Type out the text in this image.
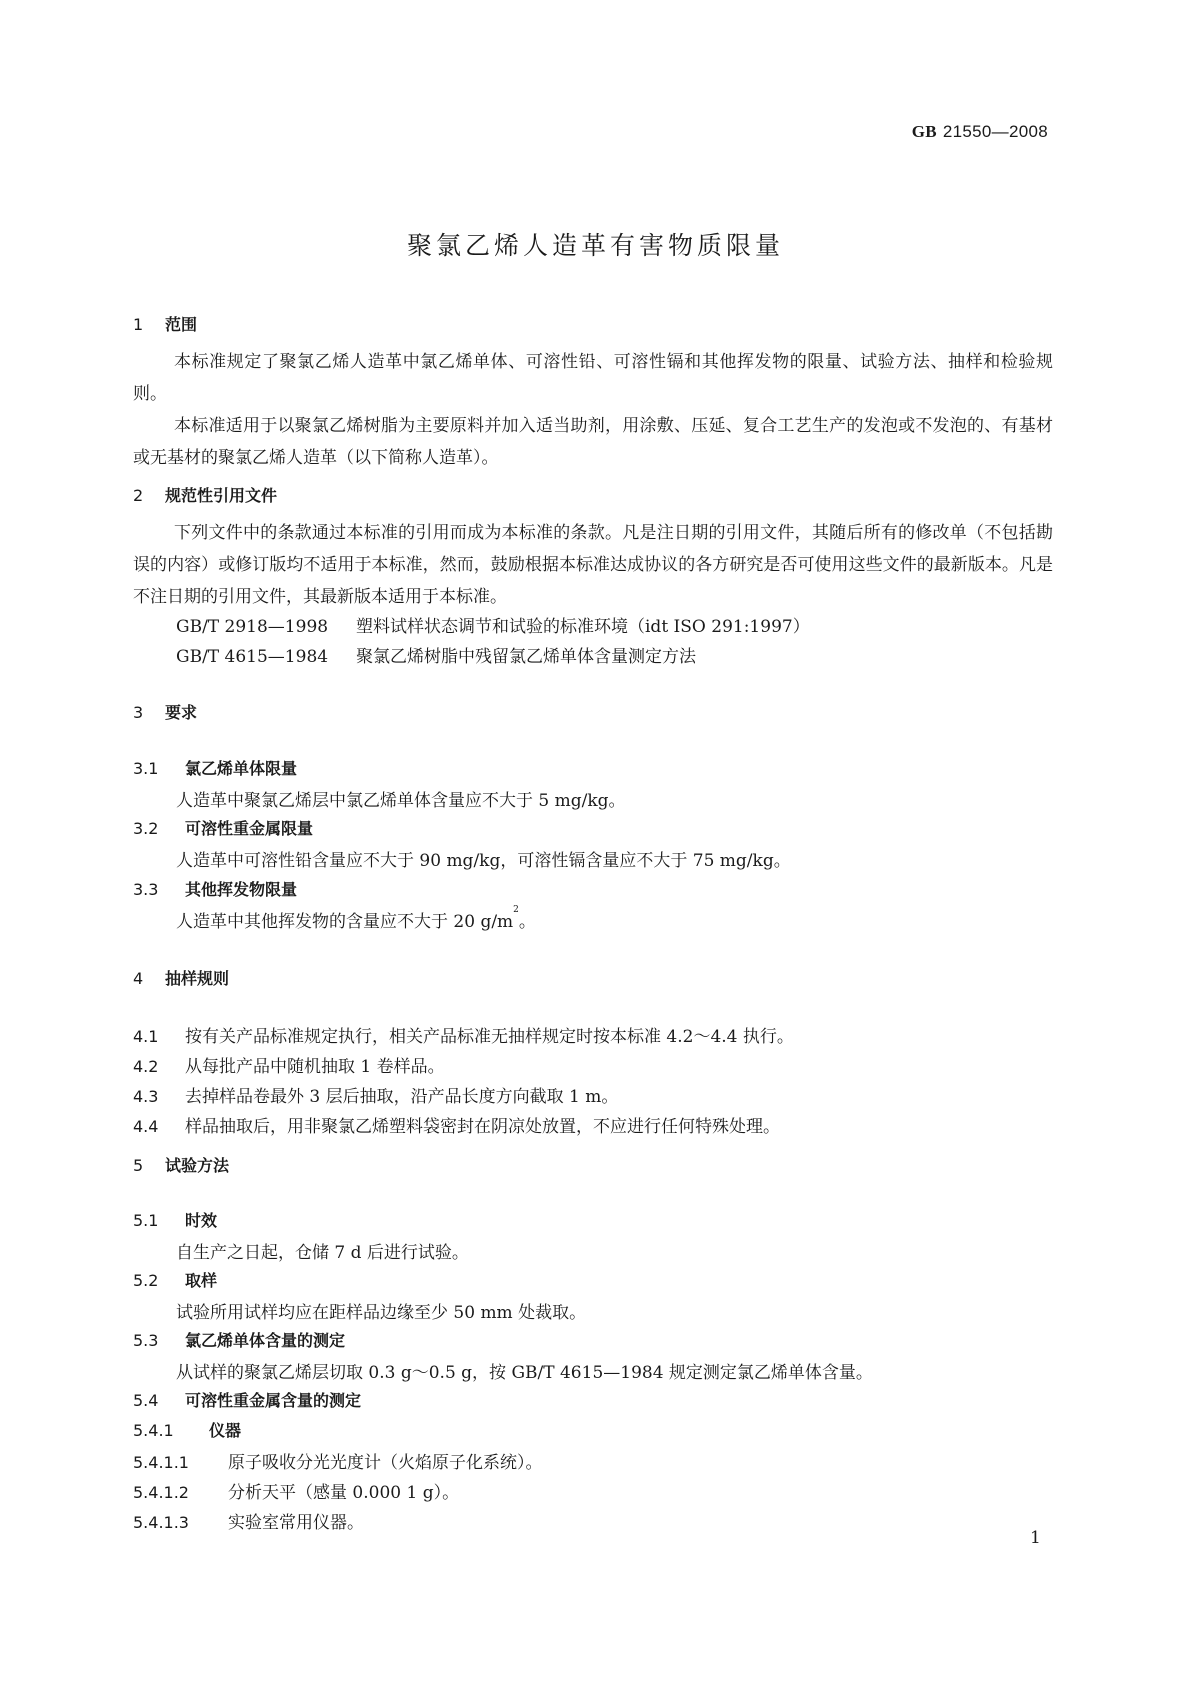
GB 21550—2008
聚氯乙烯人造革有害物质限量
1 范围
本标准规定了聚氯乙烯人造革中氯乙烯单体、可溶性铅、可溶性镉和其他挥发物的限量、试验方法、抽样和检验规则。
本标准适用于以聚氯乙烯树脂为主要原料并加入适当助剂，用涂敷、压延、复合工艺生产的发泡或不发泡的、有基材或无基材的聚氯乙烯人造革（以下简称人造革）。
2 规范性引用文件
下列文件中的条款通过本标准的引用而成为本标准的条款。凡是注日期的引用文件，其随后所有的修改单（不包括勘误的内容）或修订版均不适用于本标准，然而，鼓励根据本标准达成协议的各方研究是否可使用这些文件的最新版本。凡是不注日期的引用文件，其最新版本适用于本标准。
GB/T 2918—1998 塑料试样状态调节和试验的标准环境（idt ISO 291:1997）
GB/T 4615—1984 聚氯乙烯树脂中残留氯乙烯单体含量测定方法
3 要求
3.1 氯乙烯单体限量
人造革中聚氯乙烯层中氯乙烯单体含量应不大于 5 mg/kg。
3.2 可溶性重金属限量
人造革中可溶性铅含量应不大于 90 mg/kg，可溶性镉含量应不大于 75 mg/kg。
3.3 其他挥发物限量
人造革中其他挥发物的含量应不大于 20 $g/m^2$。
4 抽样规则
4.1 按有关产品标准规定执行，相关产品标准无抽样规定时按本标准 4.2～4.4 执行。
4.2 从每批产品中随机抽取 1 卷样品。
4.3 去掉样品卷最外 3 层后抽取，沿产品长度方向截取 1 m。
4.4 样品抽取后，用非聚氯乙烯塑料袋密封在阴凉处放置，不应进行任何特殊处理。
5 试验方法
5.1 时效
自生产之日起，仓储 7 d 后进行试验。
5.2 取样
试验所用试样均应在距样品边缘至少 50 mm 处裁取。
5.3 氯乙烯单体含量的测定
从试样的聚氯乙烯层切取 0.3 g～0.5 g，按 GB/T 4615—1984 规定测定氯乙烯单体含量。
5.4 可溶性重金属含量的测定
5.4.1 仪器
5.4.1.1 原子吸收分光光度计（火焰原子化系统）。
5.4.1.2 分析天平（感量 0.000 1 g）。
5.4.1.3 实验室常用仪器。
1
